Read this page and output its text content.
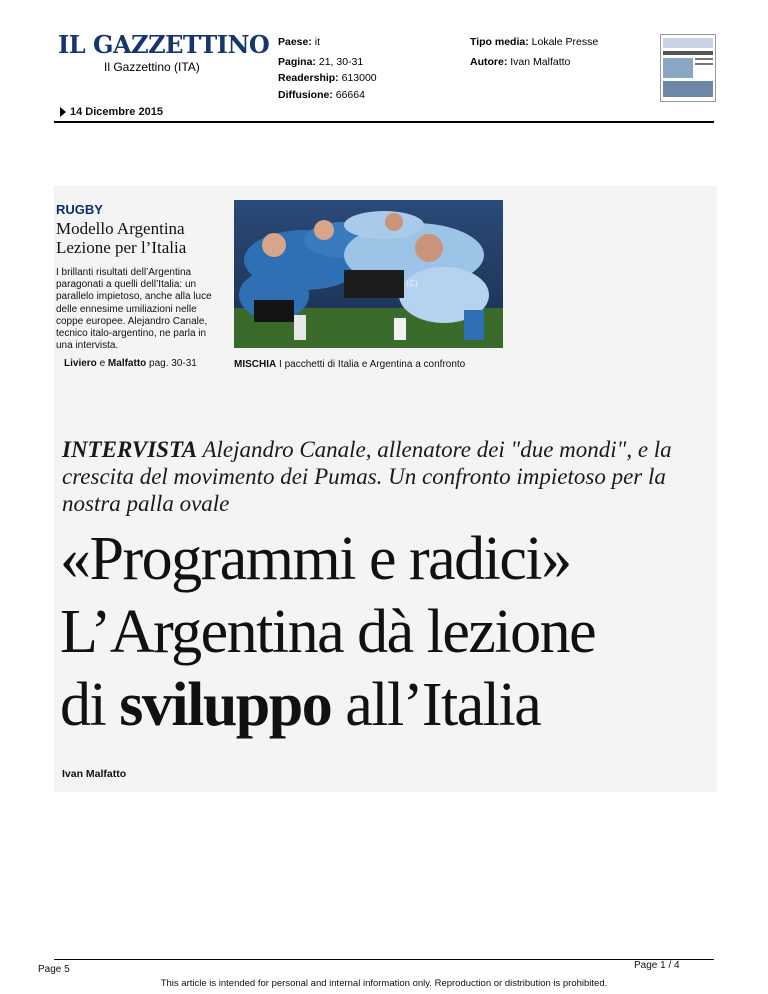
IL GAZZETTINO
Il Gazzettino (ITA)
Paese: it
Pagina: 21, 30-31
Readership: 613000
Diffusione: 66664
Tipo media: Lokale Presse
Autore: Ivan Malfatto
14 Dicembre 2015
RUGBY
Modello Argentina
Lezione per l’Italia
I brillanti risultati dell’Argentina paragonati a quelli dell’Italia: un parallelo impietoso, anche alla luce delle ennesime umiliazioni nelle coppe europee. Alejandro Canale, tecnico italo-argentino, ne parla in una intervista.
Liviero e Malfatto pag. 30-31
(C)
MISCHIA I pacchetti di Italia e Argentina a confronto
INTERVISTA Alejandro Canale, allenatore dei "due mondi", e la crescita del movimento dei Pumas. Un confronto impietoso per la nostra palla ovale
«Programmi e radici»
L’Argentina dà lezione
di sviluppo all’Italia
Ivan Malfatto
Page 5	Page 1 / 4
This article is intended for personal and internal information only. Reproduction or distribution is prohibited.
